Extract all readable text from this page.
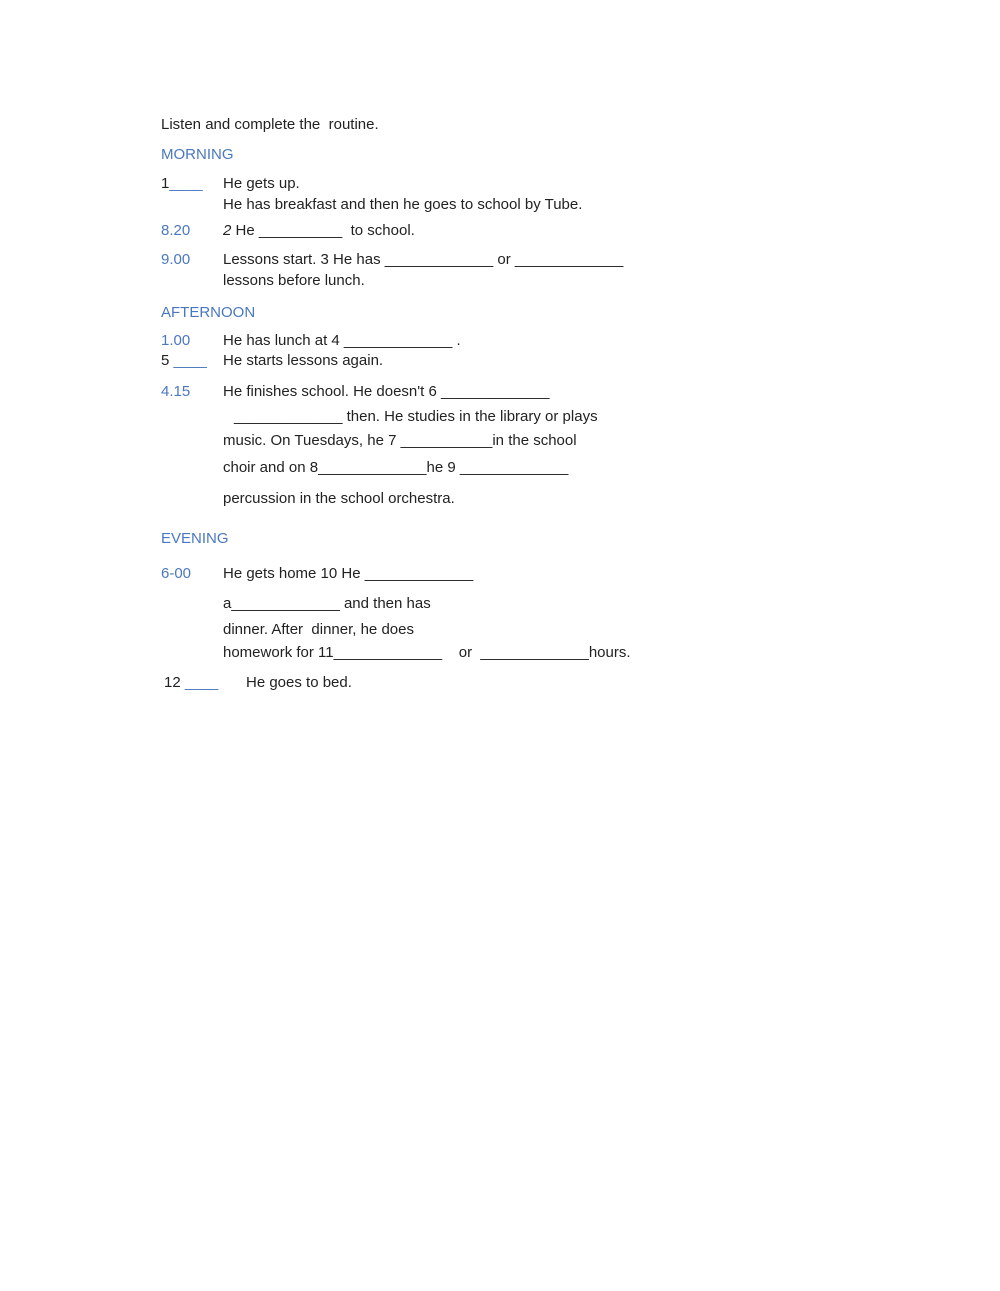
Listen and complete the  routine.
MORNING
1____ He gets up.
He has breakfast and then he goes to school by Tube.
8.20 2 He __________  to school.
9.00 Lessons start. 3 He has _____________ or _____________
lessons before lunch.
AFTERNOON
1.00 He has lunch at 4 _____________ .
5 ____ He starts lessons again.
4.15 He finishes school. He doesn't 6 _____________
_____________ then. He studies in the library or plays
music. On Tuesdays, he 7 ___________in the school
choir and on 8_____________he 9 _____________
percussion in the school orchestra.
EVENING
6-00 He gets home 10 He _____________
a_____________ and then has
dinner. After  dinner, he does
homework for 11_____________    or  _____________hours.
12 ____ He goes to bed.
